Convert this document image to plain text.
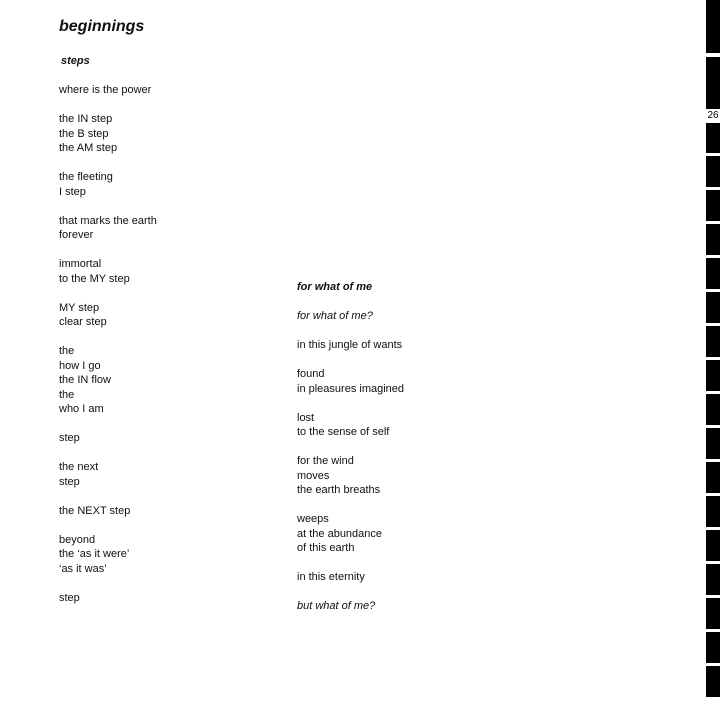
beginnings
steps
where is the power
the IN step
the B step
the AM step
the fleeting
I step
that marks the earth
forever
immortal
to the MY step
MY step
clear step
the
how I go
the IN flow
the
who I am
step
the next
step
the NEXT step
beyond
the ‘as it were’
‘as it was’
step
for what of me
for what of me?
in this jungle of wants
found
in pleasures imagined
lost
to the sense of self
for the wind
moves
the earth breaths
weeps
at the abundance
of this earth
in this eternity
but what of me?
26
